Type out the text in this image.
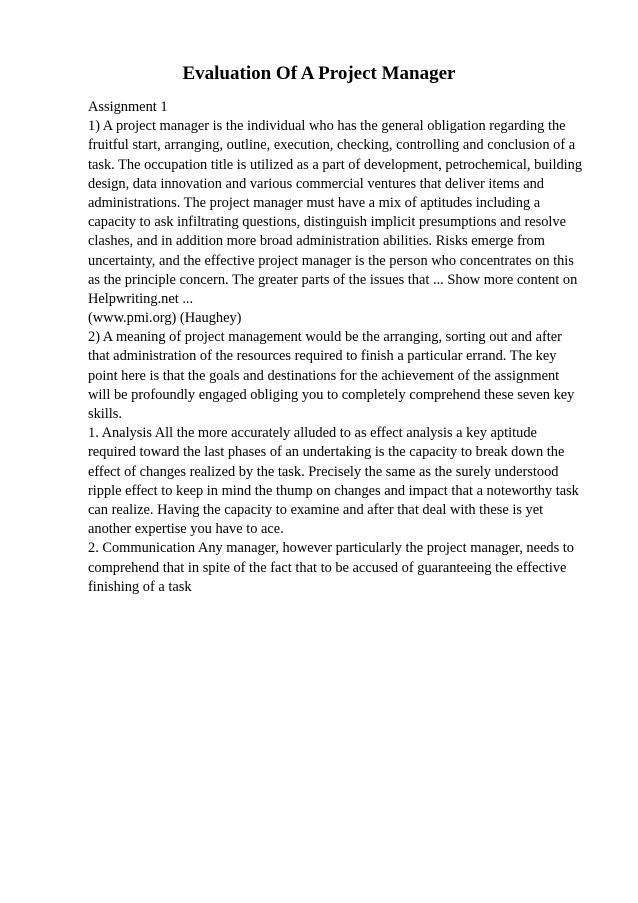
Evaluation Of A Project Manager
Assignment 1
1) A project manager is the individual who has the general obligation regarding the
fruitful start, arranging, outline, execution, checking, controlling and conclusion of a
task. The occupation title is utilized as a part of development, petrochemical, building
design, data innovation and various commercial ventures that deliver items and
administrations. The project manager must have a mix of aptitudes including a
capacity to ask infiltrating questions, distinguish implicit presumptions and resolve
clashes, and in addition more broad administration abilities. Risks emerge from
uncertainty, and the effective project manager is the person who concentrates on this
as the principle concern. The greater parts of the issues that ... Show more content on
Helpwriting.net ...
(www.pmi.org) (Haughey)
2) A meaning of project management would be the arranging, sorting out and after
that administration of the resources required to finish a particular errand. The key
point here is that the goals and destinations for the achievement of the assignment
will be profoundly engaged obliging you to completely comprehend these seven key
skills.
1. Analysis All the more accurately alluded to as effect analysis a key aptitude
required toward the last phases of an undertaking is the capacity to break down the
effect of changes realized by the task. Precisely the same as the surely understood
ripple effect to keep in mind the thump on changes and impact that a noteworthy task
can realize. Having the capacity to examine and after that deal with these is yet
another expertise you have to ace.
2. Communication Any manager, however particularly the project manager, needs to
comprehend that in spite of the fact that to be accused of guaranteeing the effective
finishing of a task
